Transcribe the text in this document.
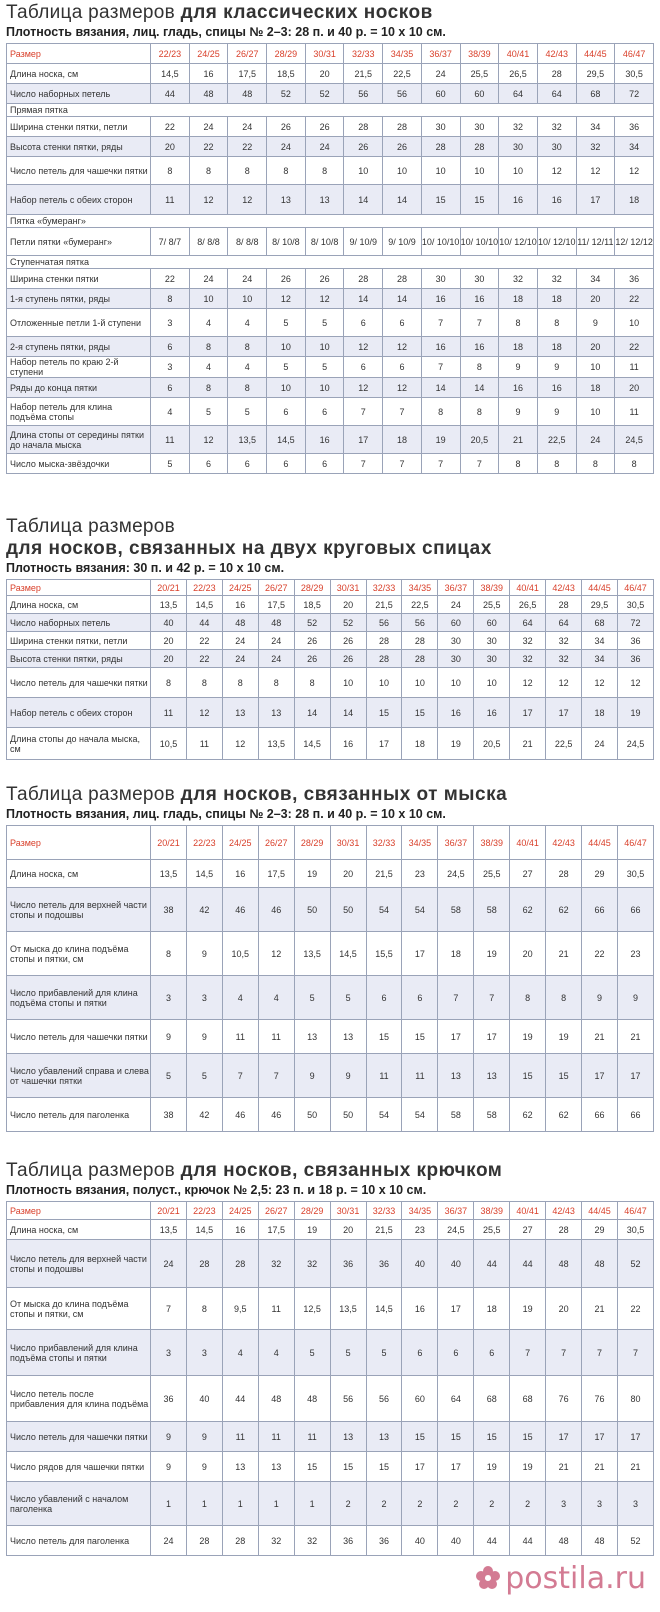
Таблица размеров для классических носков
Плотность вязания, лиц. гладь, спицы № 2–3: 28 п. и 40 р. = 10 х 10 см.
Размер	22/23	24/25	26/27	28/29	30/31	32/33	34/35	36/37	38/39	40/41	42/43	44/45	46/47
Длина носка, см	14,5	16	17,5	18,5	20	21,5	22,5	24	25,5	26,5	28	29,5	30,5
Число наборных петель	44	48	48	52	52	56	56	60	60	64	64	68	72
Прямая пятка													
Ширина стенки пятки, петли	22	24	24	26	26	28	28	30	30	32	32	34	36
Высота стенки пятки, ряды	20	22	22	24	24	26	26	28	28	30	30	32	34
Число петель для чашечки пятки	8	8	8	8	8	10	10	10	10	10	12	12	12
Набор петель с обеих сторон	11	12	12	13	13	14	14	15	15	16	16	17	18
Пятка «бумеранг»													
Петли пятки «бумеранг»	7/ 8/7	8/ 8/8	8/ 8/8	8/ 10/8	8/ 10/8	9/ 10/9	9/ 10/9	10/ 10/10	10/ 10/10	10/ 12/10	10/ 12/10	11/ 12/11	12/ 12/12
Ступенчатая пятка													
Ширина стенки пятки	22	24	24	26	26	28	28	30	30	32	32	34	36
1-я ступень пятки, ряды	8	10	10	12	12	14	14	16	16	18	18	20	22
Отложенные петли 1-й ступени	3	4	4	5	5	6	6	7	7	8	8	9	10
2-я ступень пятки, ряды	6	8	8	10	10	12	12	16	16	18	18	20	22
Набор петель по краю 2-й ступени	3	4	4	5	5	6	6	7	8	9	9	10	11
Ряды до конца пятки	6	8	8	10	10	12	12	14	14	16	16	18	20
Набор петель для клина подъёма стопы	4	5	5	6	6	7	7	8	8	9	9	10	11
Длина стопы от середины пятки до начала мыска	11	12	13,5	14,5	16	17	18	19	20,5	21	22,5	24	24,5
Число мыска-звёздочки	5	6	6	6	6	7	7	7	7	8	8	8	8
Таблица размеров
для носков, связанных на двух круговых спицах
Плотность вязания: 30 п. и 42 р. = 10 х 10 см.
Размер	20/21	22/23	24/25	26/27	28/29	30/31	32/33	34/35	36/37	38/39	40/41	42/43	44/45	46/47
Длина носка, см	13,5	14,5	16	17,5	18,5	20	21,5	22,5	24	25,5	26,5	28	29,5	30,5
Число наборных петель	40	44	48	48	52	52	56	56	60	60	64	64	68	72
Ширина стенки пятки, петли	20	22	24	24	26	26	28	28	30	30	32	32	34	36
Высота стенки пятки, ряды	20	22	24	24	26	26	28	28	30	30	32	32	34	36
Число петель для чашечки пятки	8	8	8	8	8	10	10	10	10	10	12	12	12	12
Набор петель с обеих сторон	11	12	13	13	14	14	15	15	16	16	17	17	18	19
Длина стопы до начала мыска, см	10,5	11	12	13,5	14,5	16	17	18	19	20,5	21	22,5	24	24,5
Таблица размеров для носков, связанных от мыска
Плотность вязания, лиц. гладь, спицы № 2–3: 28 п. и 40 р. = 10 х 10 см.
Размер	20/21	22/23	24/25	26/27	28/29	30/31	32/33	34/35	36/37	38/39	40/41	42/43	44/45	46/47
Длина носка, см	13,5	14,5	16	17,5	19	20	21,5	23	24,5	25,5	27	28	29	30,5
Число петель для верхней части стопы и подошвы	38	42	46	46	50	50	54	54	58	58	62	62	66	66
От мыска до клина подъёма стопы и пятки, см	8	9	10,5	12	13,5	14,5	15,5	17	18	19	20	21	22	23
Число прибавлений для клина подъёма стопы и пятки	3	3	4	4	5	5	6	6	7	7	8	8	9	9
Число петель для чашечки пятки	9	9	11	11	13	13	15	15	17	17	19	19	21	21
Число убавлений справа и слева от чашечки пятки	5	5	7	7	9	9	11	11	13	13	15	15	17	17
Число петель для паголенка	38	42	46	46	50	50	54	54	58	58	62	62	66	66
Таблица размеров для носков, связанных крючком
Плотность вязания, полуст., крючок № 2,5: 23 п. и 18 р. = 10 х 10 см.
Размер	20/21	22/23	24/25	26/27	28/29	30/31	32/33	34/35	36/37	38/39	40/41	42/43	44/45	46/47
Длина носка, см	13,5	14,5	16	17,5	19	20	21,5	23	24,5	25,5	27	28	29	30,5
Число петель для верхней части стопы и подошвы	24	28	28	32	32	36	36	40	40	44	44	48	48	52
От мыска до клина подъёма стопы и пятки, см	7	8	9,5	11	12,5	13,5	14,5	16	17	18	19	20	21	22
Число прибавлений для клина подъёма стопы и пятки	3	3	4	4	5	5	5	6	6	6	7	7	7	7
Число петель после прибавления для клина подъёма	36	40	44	48	48	56	56	60	64	68	68	76	76	80
Число петель для чашечки пятки	9	9	11	11	11	13	13	15	15	15	15	17	17	17
Число рядов для чашечки пятки	9	9	13	13	15	15	15	17	17	19	19	21	21	21
Число убавлений с началом паголенка	1	1	1	1	1	2	2	2	2	2	2	3	3	3
Число петель для паголенка	24	28	28	32	32	36	36	40	40	44	44	48	48	52
postila.ru
